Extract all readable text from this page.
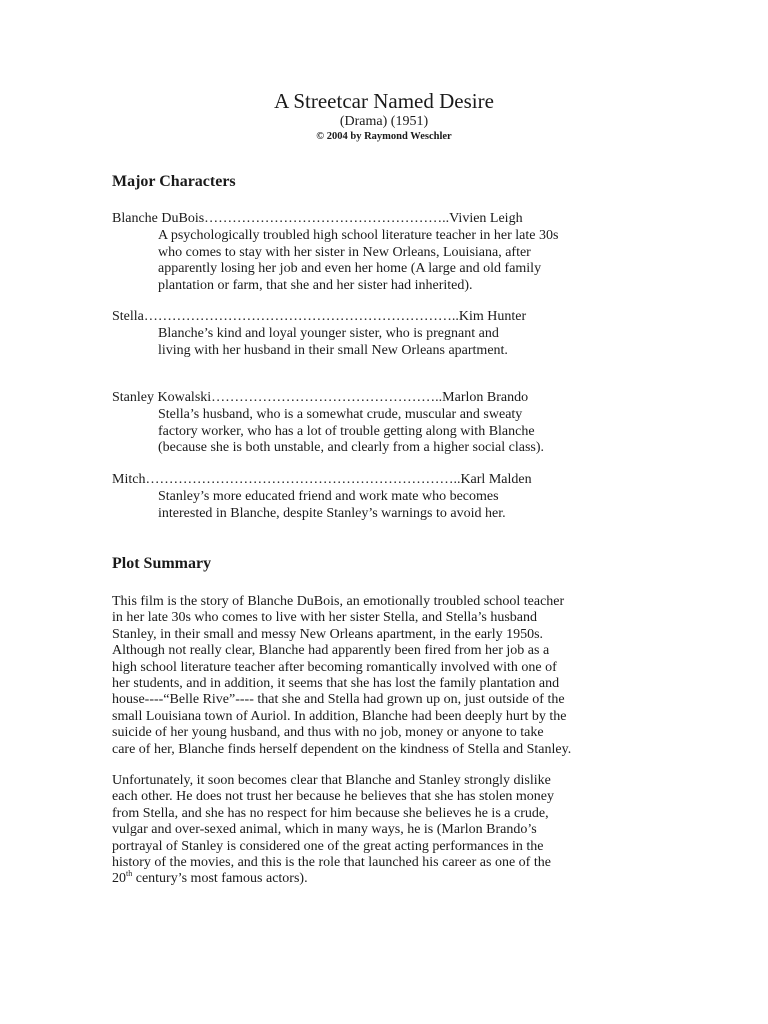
A Streetcar Named Desire
(Drama) (1951)
© 2004 by Raymond Weschler
Major Characters
Blanche DuBois……………………………………………..Vivien Leigh
A psychologically troubled high school literature teacher in her late 30s
who comes to stay with her sister in New Orleans, Louisiana, after
apparently losing her job and even her home (A large and old family
plantation or farm, that she and her sister had inherited).
Stella…………………………………………………………..Kim Hunter
Blanche’s kind and loyal younger sister, who is pregnant and
living with her husband in their small New Orleans apartment.
Stanley Kowalski…………………………………………..Marlon Brando
Stella’s husband, who is a somewhat crude, muscular and sweaty
factory worker, who has a lot of trouble getting along with Blanche
(because she is both unstable, and clearly from a higher social class).
Mitch…………………………………………………………..Karl Malden
Stanley’s more educated friend and work mate who becomes
interested in Blanche, despite Stanley’s warnings to avoid her.
Plot Summary
This film is the story of Blanche DuBois, an emotionally troubled school teacher
in her late 30s who comes to live with her sister Stella, and Stella’s husband
Stanley, in their small and messy New Orleans apartment, in the early 1950s.
Although not really clear, Blanche had apparently been fired from her job as a
high school literature teacher after becoming romantically involved with one of
her students, and in addition, it seems that she has lost the family plantation and
house----“Belle Rive”---- that she and Stella had grown up on, just outside of the
small Louisiana town of Auriol. In addition, Blanche had been deeply hurt by the
suicide of her young husband, and thus with no job, money or anyone to take
care of her, Blanche finds herself dependent on the kindness of Stella and Stanley.
Unfortunately, it soon becomes clear that Blanche and Stanley strongly dislike
each other. He does not trust her because he believes that she has stolen money
from Stella, and she has no respect for him because she believes he is a crude,
vulgar and over-sexed animal, which in many ways, he is (Marlon Brando’s
portrayal of Stanley is considered one of the great acting performances in the
history of the movies, and this is the role that launched his career as one of the
20th century’s most famous actors).
